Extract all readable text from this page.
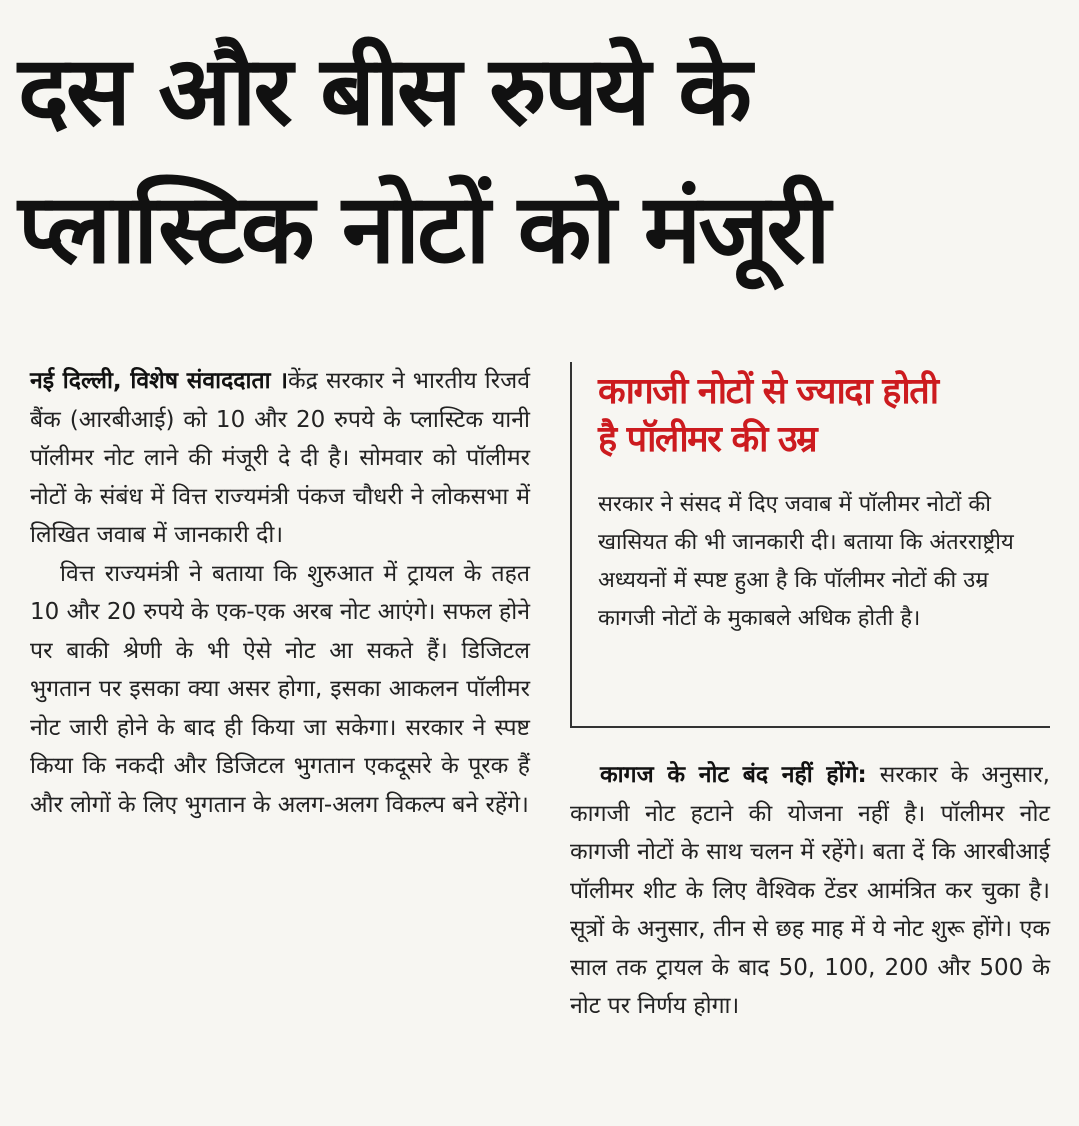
दस और बीस रुपये के
प्लास्टिक नोटों को मंजूरी

नई दिल्ली, विशेष संवाददाता ।केंद्र सरकार ने भारतीय रिजर्व बैंक (आरबीआई) को 10 और 20 रुपये के प्लास्टिक यानी पॉलीमर नोट लाने की मंजूरी दे दी है। सोमवार को पॉलीमर नोटों के संबंध में वित्त राज्यमंत्री पंकज चौधरी ने लोकसभा में लिखित जवाब में जानकारी दी।

वित्त राज्यमंत्री ने बताया कि शुरुआत में ट्रायल के तहत 10 और 20 रुपये के एक-एक अरब नोट आएंगे। सफल होने पर बाकी श्रेणी के भी ऐसे नोट आ सकते हैं। डिजिटल भुगतान पर इसका क्या असर होगा, इसका आकलन पॉलीमर नोट जारी होने के बाद ही किया जा सकेगा। सरकार ने स्पष्ट किया कि नकदी और डिजिटल भुगतान एकदूसरे के पूरक हैं और लोगों के लिए भुगतान के अलग-अलग विकल्प बने रहेंगे।

कागजी नोटों से ज्यादा होती
है पॉलीमर की उम्र

सरकार ने संसद में दिए जवाब में पॉलीमर नोटों की खासियत की भी जानकारी दी। बताया कि अंतरराष्ट्रीय अध्ययनों में स्पष्ट हुआ है कि पॉलीमर नोटों की उम्र कागजी नोटों के मुकाबले अधिक होती है।

कागज के नोट बंद नहीं होंगे: सरकार के अनुसार, कागजी नोट हटाने की योजना नहीं है। पॉलीमर नोट कागजी नोटों के साथ चलन में रहेंगे। बता दें कि आरबीआई पॉलीमर शीट के लिए वैश्विक टेंडर आमंत्रित कर चुका है। सूत्रों के अनुसार, तीन से छह माह में ये नोट शुरू होंगे। एक साल तक ट्रायल के बाद 50, 100, 200 और 500 के नोट पर निर्णय होगा।
